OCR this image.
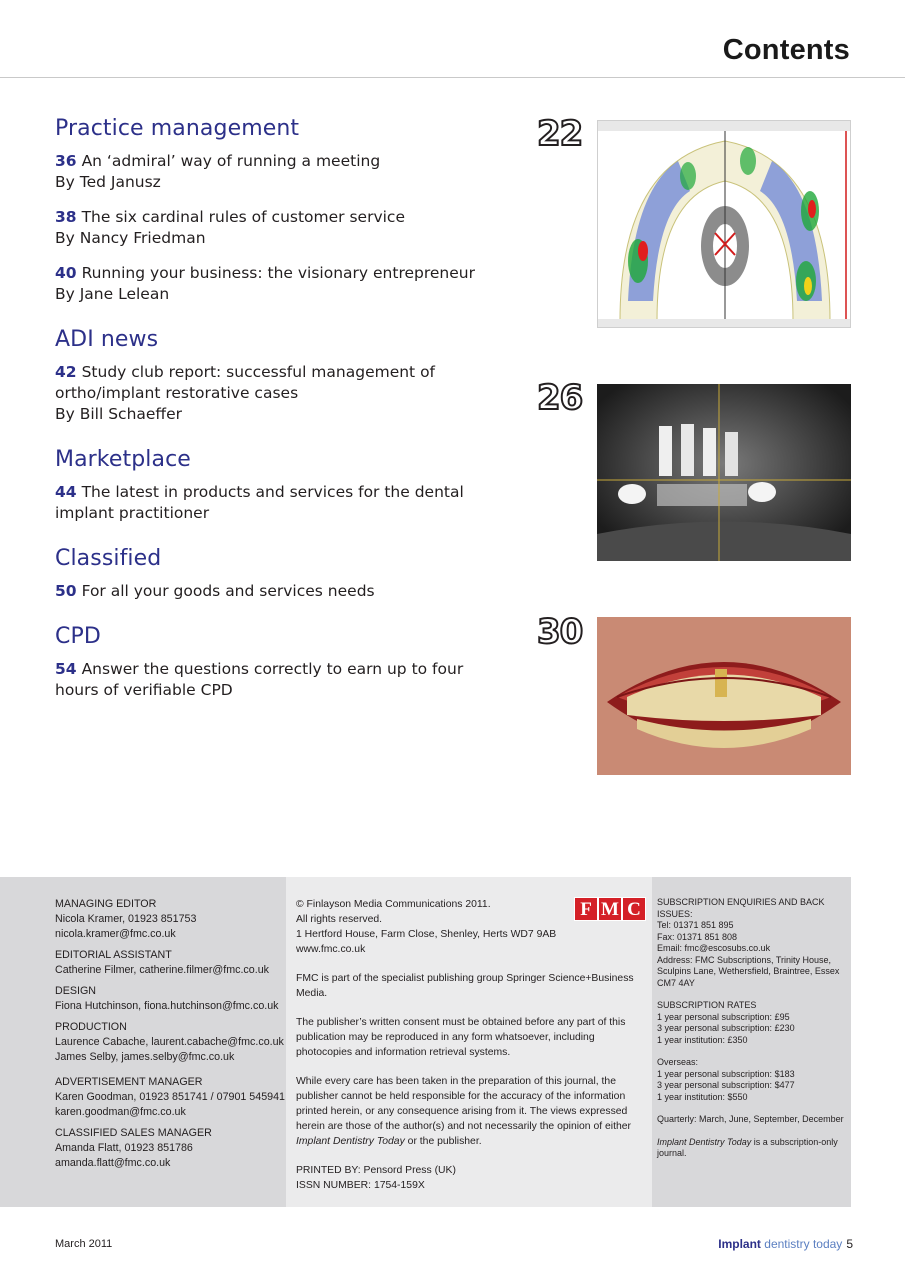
Contents
Practice management
36 An ‘admiral’ way of running a meeting
By Ted Janusz
38 The six cardinal rules of customer service
By Nancy Friedman
40 Running your business: the visionary entrepreneur
By Jane Lelean
ADI news
42 Study club report: successful management of ortho/implant restorative cases
By Bill Schaeffer
Marketplace
44 The latest in products and services for the dental implant practitioner
Classified
50 For all your goods and services needs
CPD
54 Answer the questions correctly to earn up to four hours of verifiable CPD
22
26
30
MANAGING EDITOR
Nicola Kramer, 01923 851753
nicola.kramer@fmc.co.uk
EDITORIAL ASSISTANT
Catherine Filmer, catherine.filmer@fmc.co.uk
DESIGN
Fiona Hutchinson, fiona.hutchinson@fmc.co.uk
PRODUCTION
Laurence Cabache, laurent.cabache@fmc.co.uk
James Selby, james.selby@fmc.co.uk
ADVERTISEMENT MANAGER
Karen Goodman, 01923 851741 / 07901 545941
karen.goodman@fmc.co.uk
CLASSIFIED SALES MANAGER
Amanda Flatt, 01923 851786
amanda.flatt@fmc.co.uk
F M C
© Finlayson Media Communications 2011.
All rights reserved.
1 Hertford House, Farm Close, Shenley, Herts WD7 9AB
www.fmc.co.uk
FMC is part of the specialist publishing group Springer Science+Business Media.
The publisher’s written consent must be obtained before any part of this publication may be reproduced in any form whatsoever, including photocopies and information retrieval systems.
While every care has been taken in the preparation of this journal, the publisher cannot be held responsible for the accuracy of the information printed herein, or any consequence arising from it. The views expressed herein are those of the author(s) and not necessarily the opinion of either Implant Dentistry Today or the publisher.
PRINTED BY: Pensord Press (UK)
ISSN NUMBER: 1754-159X
SUBSCRIPTION ENQUIRIES AND BACK ISSUES:
Tel: 01371 851 895
Fax: 01371 851 808
Email: fmc@escosubs.co.uk
Address: FMC Subscriptions, Trinity House, Sculpins Lane, Wethersfield, Braintree, Essex CM7 4AY
SUBSCRIPTION RATES
1 year personal subscription: £95
3 year personal subscription: £230
1 year institution: £350
Overseas:
1 year personal subscription: $183
3 year personal subscription: $477
1 year institution: $550
Quarterly: March, June, September, December
Implant Dentistry Today is a subscription-only journal.
March 2011	Implant dentistry today 5
